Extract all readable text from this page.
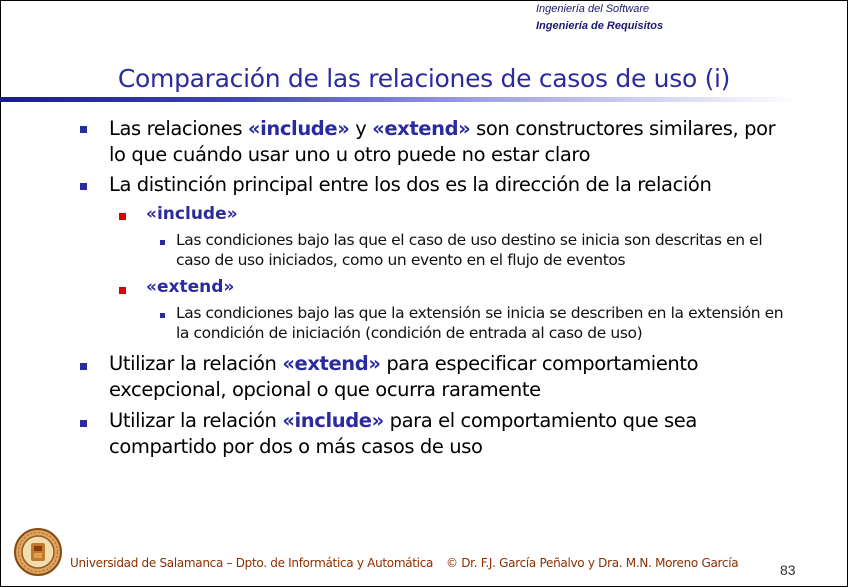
Ingeniería del Software
Ingeniería de Requisitos
Comparación de las relaciones de casos de uso (i)
Las relaciones «include» y «extend» son constructores similares, por
lo que cuándo usar uno u otro puede no estar claro
La distinción principal entre los dos es la dirección de la relación
«include»
Las condiciones bajo las que el caso de uso destino se inicia son descritas en el
caso de uso iniciados, como un evento en el flujo de eventos
«extend»
Las condiciones bajo las que la extensión se inicia se describen en la extensión en
la condición de iniciación (condición de entrada al caso de uso)
Utilizar la relación «extend» para especificar comportamiento
excepcional, opcional o que ocurra raramente
Utilizar la relación «include» para el comportamiento que sea
compartido por dos o más casos de uso
Universidad de Salamanca – Dpto. de Informática y Automática © Dr. F.J. García Peñalvo y Dra. M.N. Moreno García	83
